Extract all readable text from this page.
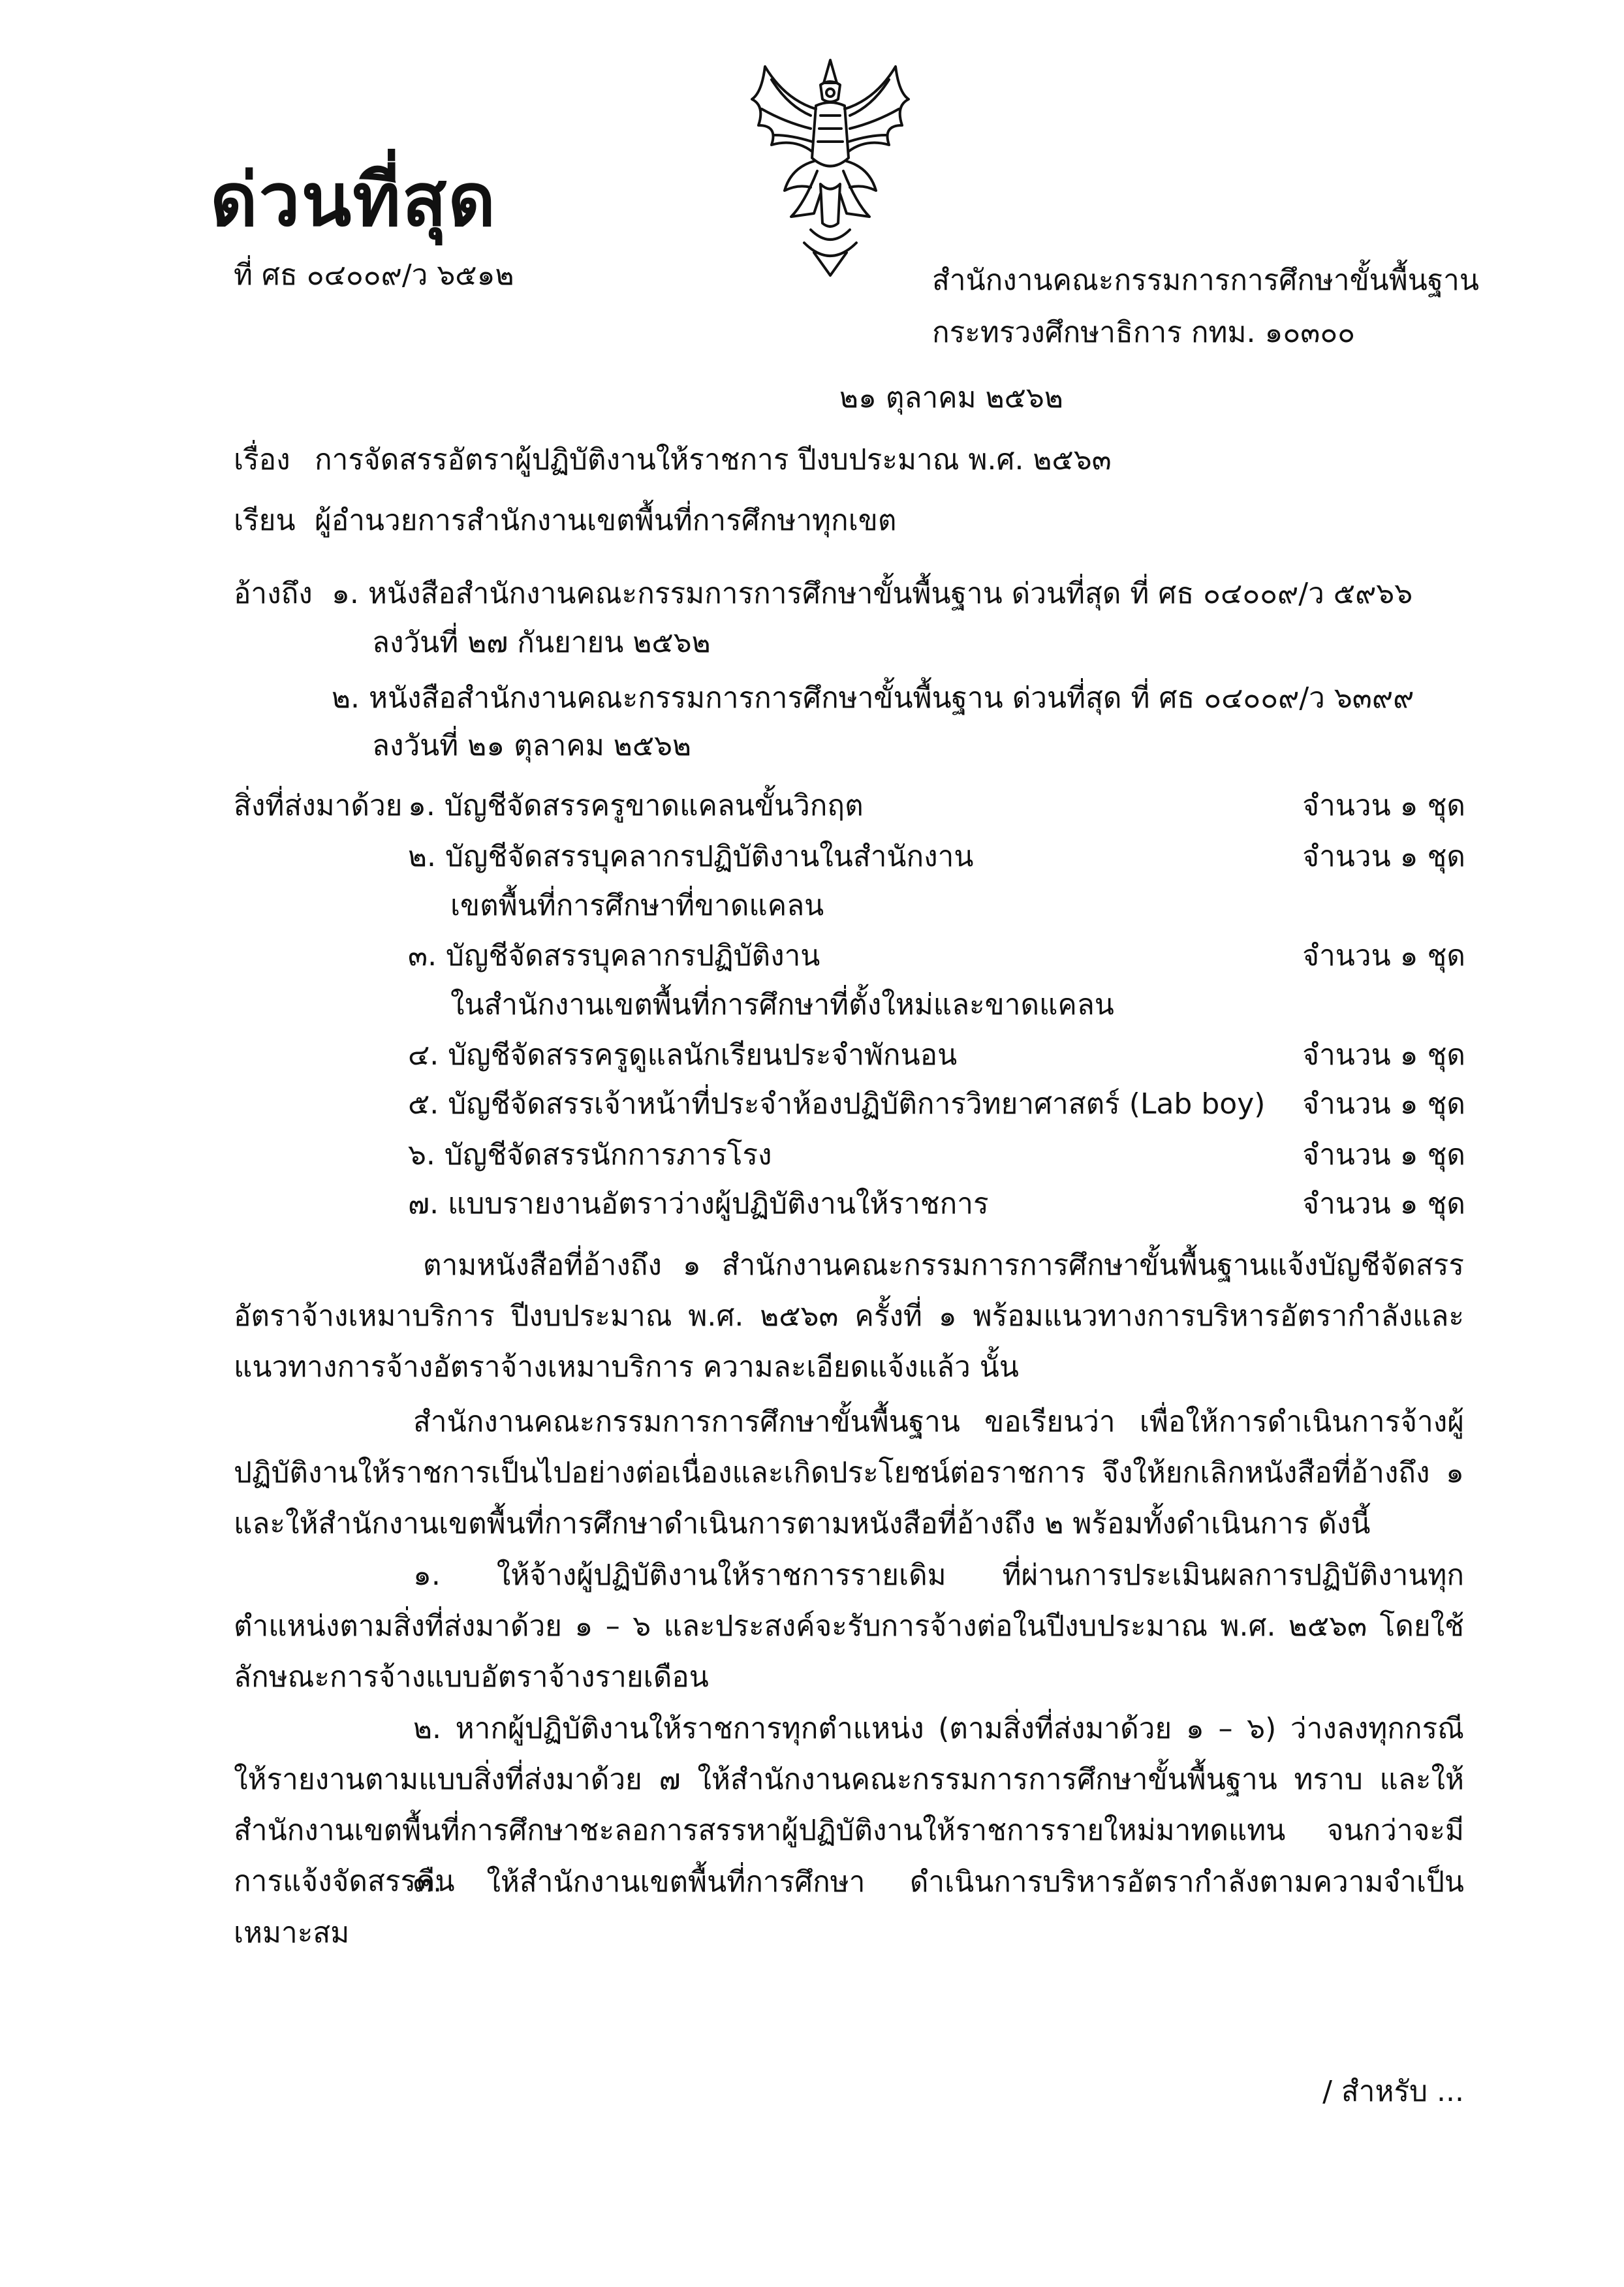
ด่วนที่สุด
ที่ ศธ ๐๔๐๐๙/ว ๖๕๑๒	สำนักงานคณะกรรมการการศึกษาขั้นพื้นฐาน
กระทรวงศึกษาธิการ กทม. ๑๐๓๐๐
๒๑ ตุลาคม ๒๕๖๒
เรื่อง การจัดสรรอัตราผู้ปฏิบัติงานให้ราชการ ปีงบประมาณ พ.ศ. ๒๕๖๓
เรียน ผู้อำนวยการสำนักงานเขตพื้นที่การศึกษาทุกเขต
อ้างถึง ๑. หนังสือสำนักงานคณะกรรมการการศึกษาขั้นพื้นฐาน ด่วนที่สุด ที่ ศธ ๐๔๐๐๙/ว ๕๙๖๖
ลงวันที่ ๒๗ กันยายน ๒๕๖๒
๒. หนังสือสำนักงานคณะกรรมการการศึกษาขั้นพื้นฐาน ด่วนที่สุด ที่ ศธ ๐๔๐๐๙/ว ๖๓๙๙
ลงวันที่ ๒๑ ตุลาคม ๒๕๖๒
สิ่งที่ส่งมาด้วย ๑. บัญชีจัดสรรครูขาดแคลนขั้นวิกฤต	จำนวน ๑ ชุด
๒. บัญชีจัดสรรบุคลากรปฏิบัติงานในสำนักงาน	จำนวน ๑ ชุด
เขตพื้นที่การศึกษาที่ขาดแคลน
๓. บัญชีจัดสรรบุคลากรปฏิบัติงาน	จำนวน ๑ ชุด
ในสำนักงานเขตพื้นที่การศึกษาที่ตั้งใหม่และขาดแคลน
๔. บัญชีจัดสรรครูดูแลนักเรียนประจำพักนอน	จำนวน ๑ ชุด
๕. บัญชีจัดสรรเจ้าหน้าที่ประจำห้องปฏิบัติการวิทยาศาสตร์ (Lab boy) จำนวน ๑ ชุด
๖. บัญชีจัดสรรนักการภารโรง	จำนวน ๑ ชุด
๗. แบบรายงานอัตราว่างผู้ปฏิบัติงานให้ราชการ	จำนวน ๑ ชุด

ตามหนังสือที่อ้างถึง ๑ สำนักงานคณะกรรมการการศึกษาขั้นพื้นฐานแจ้งบัญชีจัดสรรอัตราจ้างเหมาบริการ ปีงบประมาณ พ.ศ. ๒๕๖๓ ครั้งที่ ๑ พร้อมแนวทางการบริหารอัตรากำลังและแนวทางการจ้างอัตราจ้างเหมาบริการ ความละเอียดแจ้งแล้ว นั้น

สำนักงานคณะกรรมการการศึกษาขั้นพื้นฐาน ขอเรียนว่า เพื่อให้การดำเนินการจ้างผู้ปฏิบัติงานให้ราชการเป็นไปอย่างต่อเนื่องและเกิดประโยชน์ต่อราชการ จึงให้ยกเลิกหนังสือที่อ้างถึง ๑ และให้สำนักงานเขตพื้นที่การศึกษาดำเนินการตามหนังสือที่อ้างถึง ๒ พร้อมทั้งดำเนินการ ดังนี้

๑. ให้จ้างผู้ปฏิบัติงานให้ราชการรายเดิม ที่ผ่านการประเมินผลการปฏิบัติงานทุกตำแหน่งตามสิ่งที่ส่งมาด้วย ๑ – ๖ และประสงค์จะรับการจ้างต่อในปีงบประมาณ พ.ศ. ๒๕๖๓ โดยใช้ลักษณะการจ้างแบบอัตราจ้างรายเดือน

๒. หากผู้ปฏิบัติงานให้ราชการทุกตำแหน่ง (ตามสิ่งที่ส่งมาด้วย ๑ – ๖) ว่างลงทุกกรณีให้รายงานตามแบบสิ่งที่ส่งมาด้วย ๗ ให้สำนักงานคณะกรรมการการศึกษาขั้นพื้นฐาน ทราบ และให้สำนักงานเขตพื้นที่การศึกษาชะลอการสรรหาผู้ปฏิบัติงานให้ราชการรายใหม่มาทดแทน จนกว่าจะมีการแจ้งจัดสรรคืน

๓. ให้สำนักงานเขตพื้นที่การศึกษา ดำเนินการบริหารอัตรากำลังตามความจำเป็นเหมาะสม

/ สำหรับ ...
